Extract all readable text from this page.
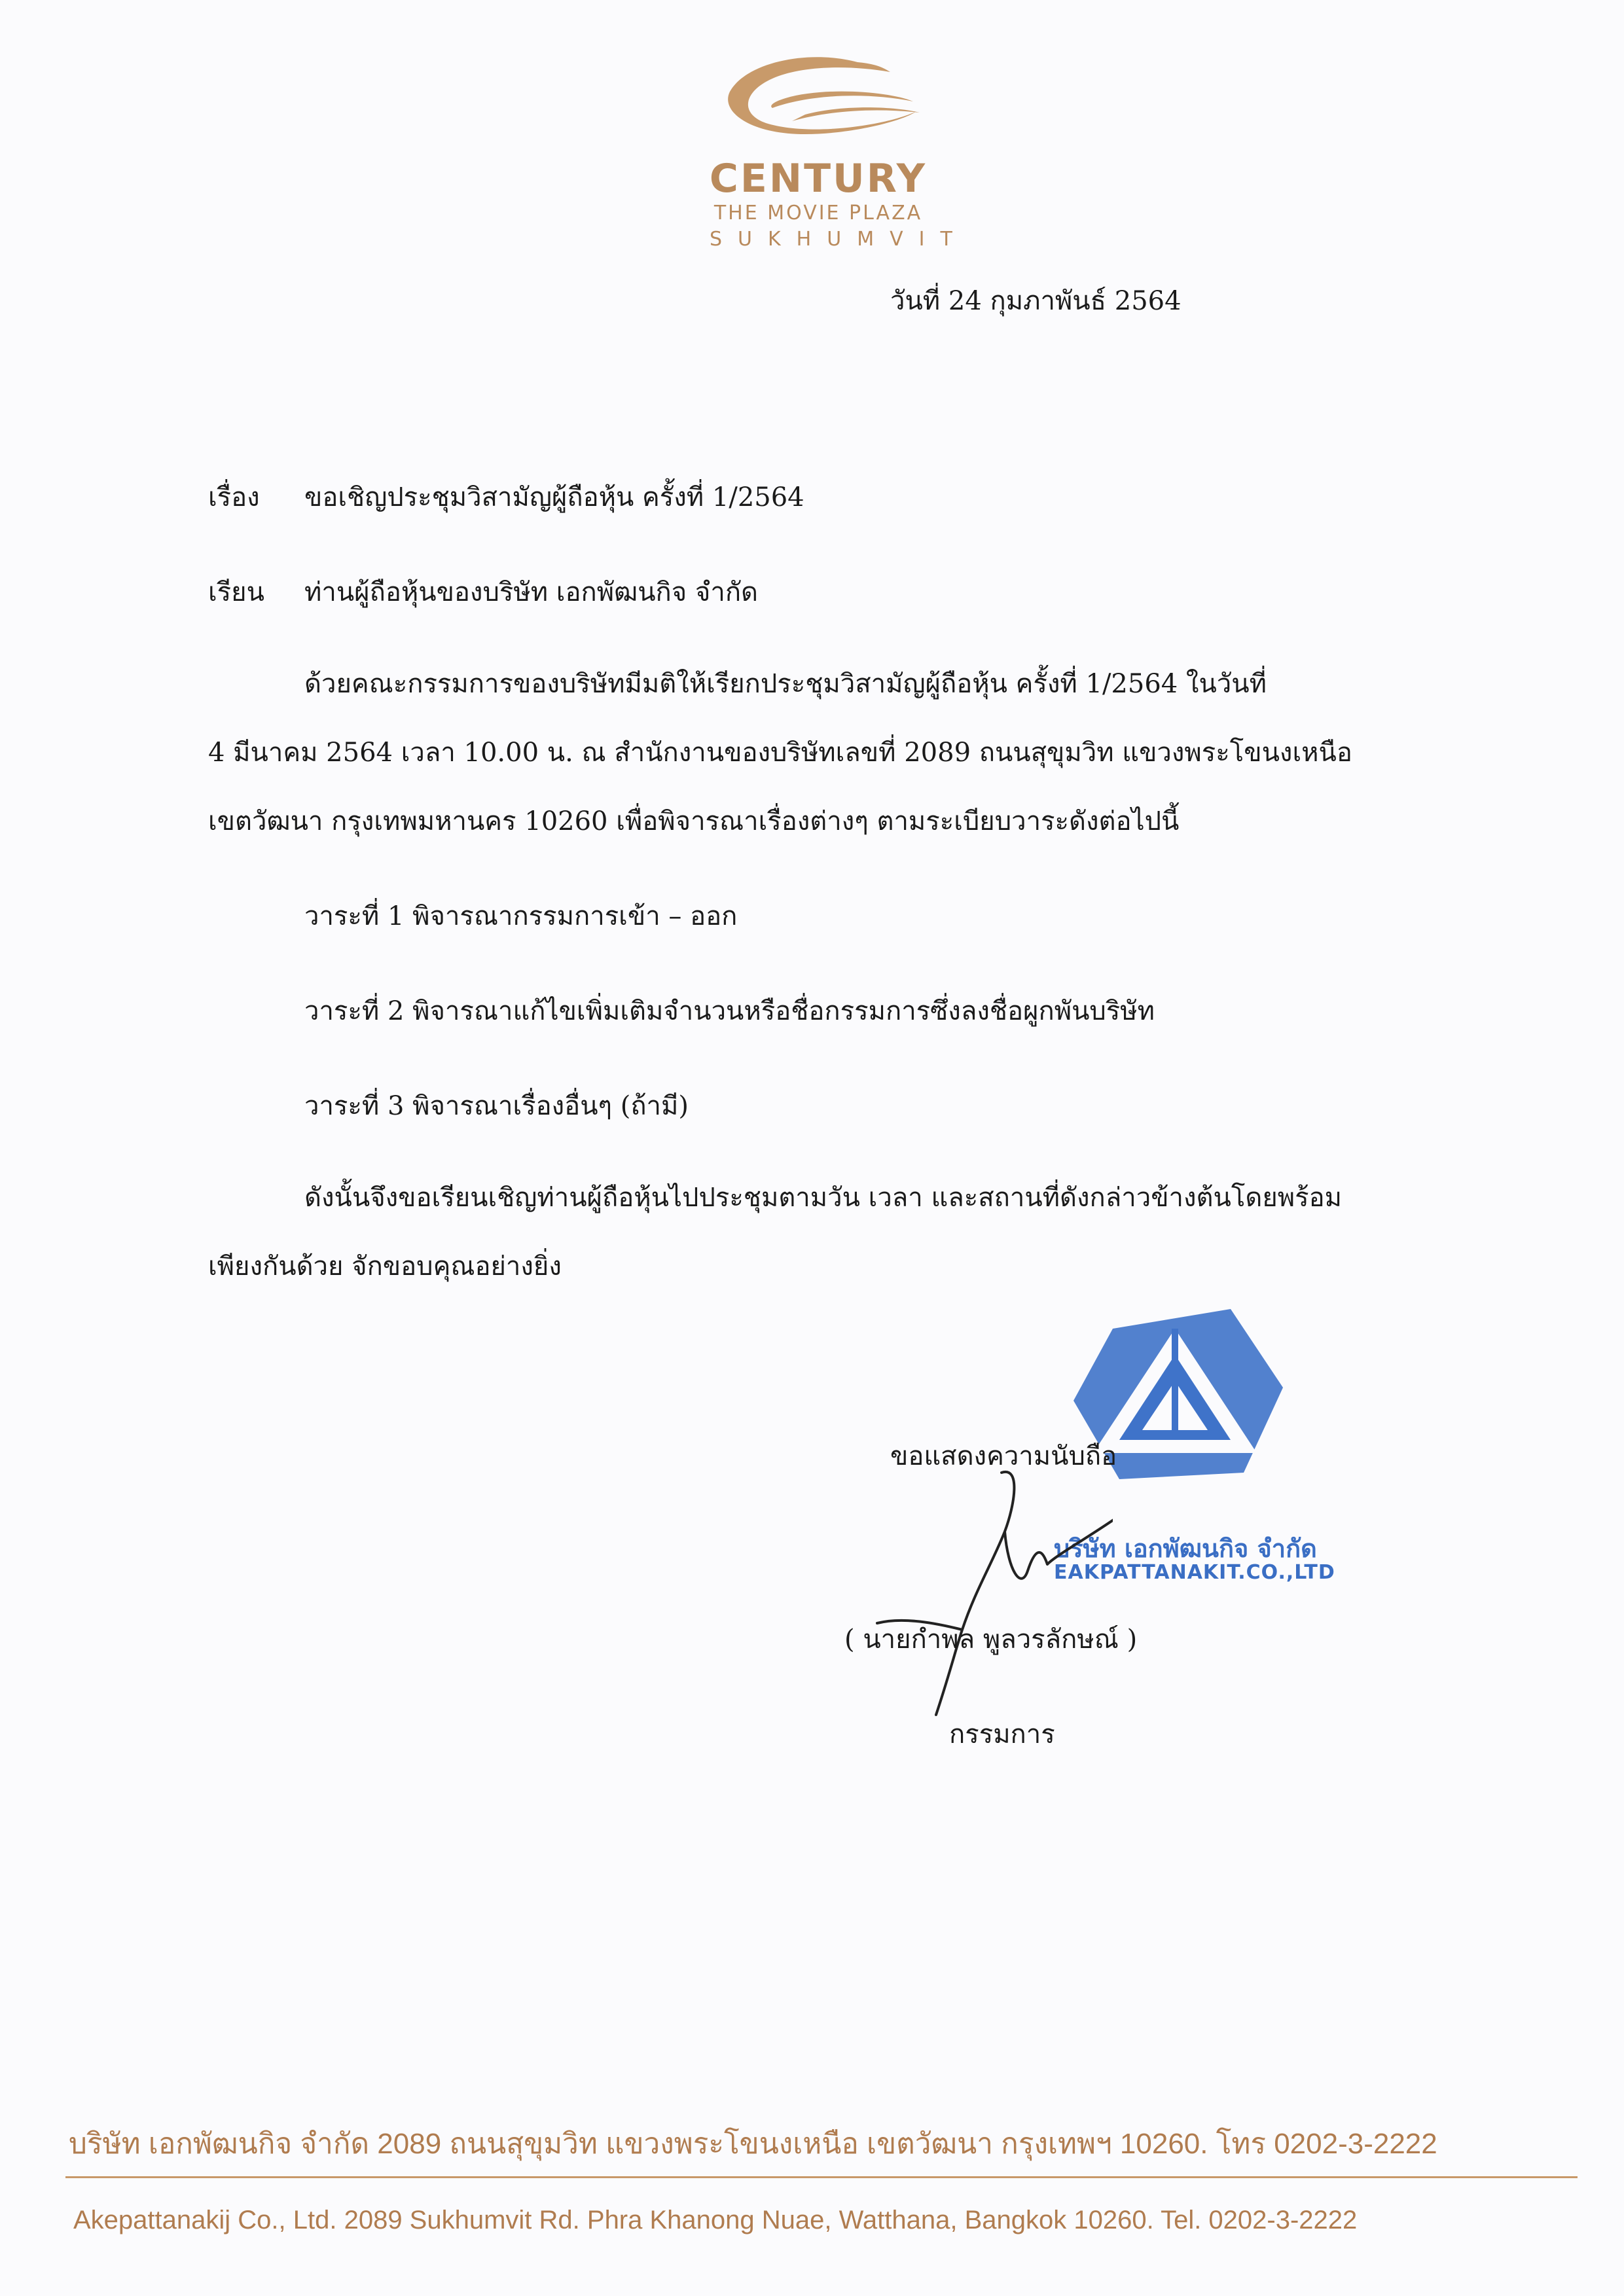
CENTURY
THE MOVIE PLAZA
SUKHUMVIT
วันที่ 24 กุมภาพันธ์ 2564
เรื่อง ขอเชิญประชุมวิสามัญผู้ถือหุ้น ครั้งที่ 1/2564
เรียน ท่านผู้ถือหุ้นของบริษัท เอกพัฒนกิจ จำกัด
ด้วยคณะกรรมการของบริษัทมีมติให้เรียกประชุมวิสามัญผู้ถือหุ้น ครั้งที่ 1/2564 ในวันที่
4 มีนาคม 2564 เวลา 10.00 น. ณ สำนักงานของบริษัทเลขที่ 2089 ถนนสุขุมวิท แขวงพระโขนงเหนือ
เขตวัฒนา กรุงเทพมหานคร 10260 เพื่อพิจารณาเรื่องต่างๆ ตามระเบียบวาระดังต่อไปนี้
วาระที่ 1 พิจารณากรรมการเข้า – ออก
วาระที่ 2 พิจารณาแก้ไขเพิ่มเติมจำนวนหรือชื่อกรรมการซึ่งลงชื่อผูกพันบริษัท
วาระที่ 3 พิจารณาเรื่องอื่นๆ (ถ้ามี)
ดังนั้นจึงขอเรียนเชิญท่านผู้ถือหุ้นไปประชุมตามวัน เวลา และสถานที่ดังกล่าวข้างต้นโดยพร้อม
เพียงกันด้วย จักขอบคุณอย่างยิ่ง
บริษัท เอกพัฒนกิจ จำกัด
EAKPATTANAKIT.CO.,LTD
ขอแสดงความนับถือ
( นายกำพล พูลวรลักษณ์ )
กรรมการ
บริษัท เอกพัฒนกิจ จำกัด 2089 ถนนสุขุมวิท แขวงพระโขนงเหนือ เขตวัฒนา กรุงเทพฯ 10260. โทร 0202-3-2222
Akepattanakij Co., Ltd. 2089 Sukhumvit Rd. Phra Khanong Nuae, Watthana, Bangkok 10260. Tel. 0202-3-2222
